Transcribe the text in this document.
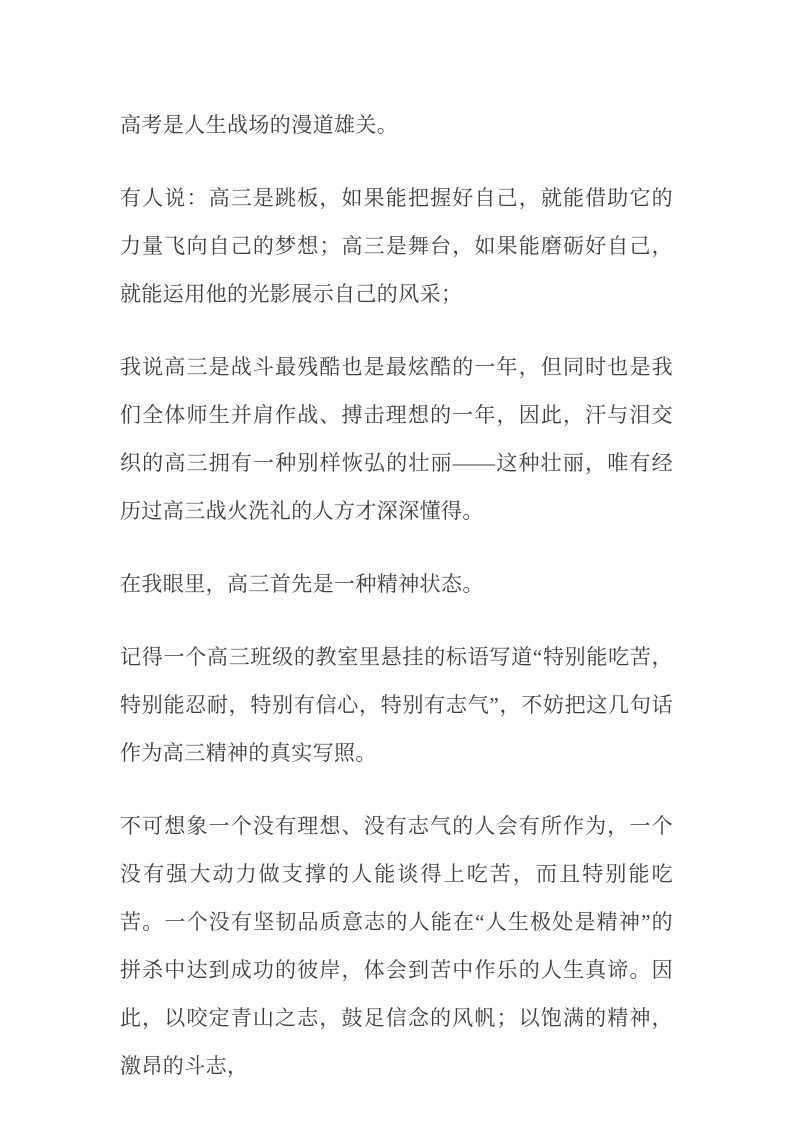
高考是人生战场的漫道雄关。

有人说：高三是跳板，如果能把握好自己，就能借助它的力量飞向自己的梦想；高三是舞台，如果能磨砺好自己，就能运用他的光影展示自己的风采；

我说高三是战斗最残酷也是最炫酷的一年，但同时也是我们全体师生并肩作战、搏击理想的一年，因此，汗与泪交织的高三拥有一种别样恢弘的壮丽——这种壮丽，唯有经历过高三战火洗礼的人方才深深懂得。

在我眼里，高三首先是一种精神状态。

记得一个高三班级的教室里悬挂的标语写道“特别能吃苦，特别能忍耐，特别有信心，特别有志气”，不妨把这几句话作为高三精神的真实写照。

不可想象一个没有理想、没有志气的人会有所作为，一个没有强大动力做支撑的人能谈得上吃苦，而且特别能吃苦。一个没有坚韧品质意志的人能在“人生极处是精神”的拼杀中达到成功的彼岸，体会到苦中作乐的人生真谛。因此，以咬定青山之志，鼓足信念的风帆；以饱满的精神，激昂的斗志，
